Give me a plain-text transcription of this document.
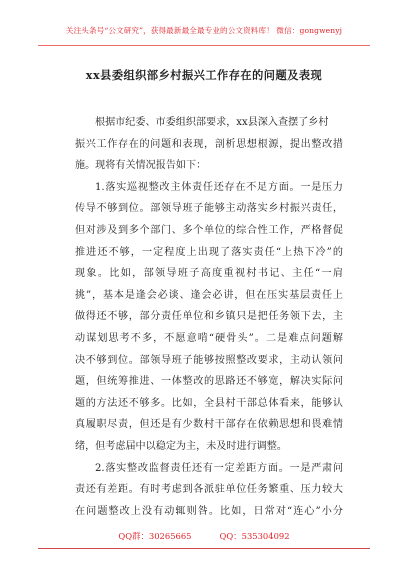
关注头条号“公文研究”，获得最新最全最专业的公文资料库！ 微信：gongwenyj
xx县委组织部乡村振兴工作存在的问题及表现
根据市纪委、市委组织部要求，xx县深入查摆了乡村
振兴工作存在的问题和表现，剖析思想根源，提出整改措
施。现将有关情况报告如下：
1.落实巡视整改主体责任还存在不足方面。一是压力
传导不够到位。部领导班子能够主动落实乡村振兴责任，
但对涉及到多个部门、多个单位的综合性工作，严格督促
推进还不够，一定程度上出现了落实责任“上热下冷”的
现象。比如，部领导班子高度重视村书记、主任“一肩
挑”，基本是逢会必谈、逢会必讲，但在压实基层责任上
做得还不够，部分责任单位和乡镇只是把任务领下去，主
动谋划思考不多，不愿意啃“硬骨头”。二是难点问题解
决不够到位。部领导班子能够按照整改要求，主动认领问
题，但统筹推进、一体整改的思路还不够宽，解决实际问
题的方法还不够多。比如，全县村干部总体看来，能够认
真履职尽责，但还是有少数村干部存在依赖思想和畏难情
绪，但考虑届中以稳定为主，未及时进行调整。
2.落实整改监督责任还有一定差距方面。一是严肃问
责还有差距。有时考虑到各派驻单位任务繁重、压力较大
在问题整改上没有动辄则咎。比如，日常对“连心”小分
QQ群：30265665	QQ：535304092
